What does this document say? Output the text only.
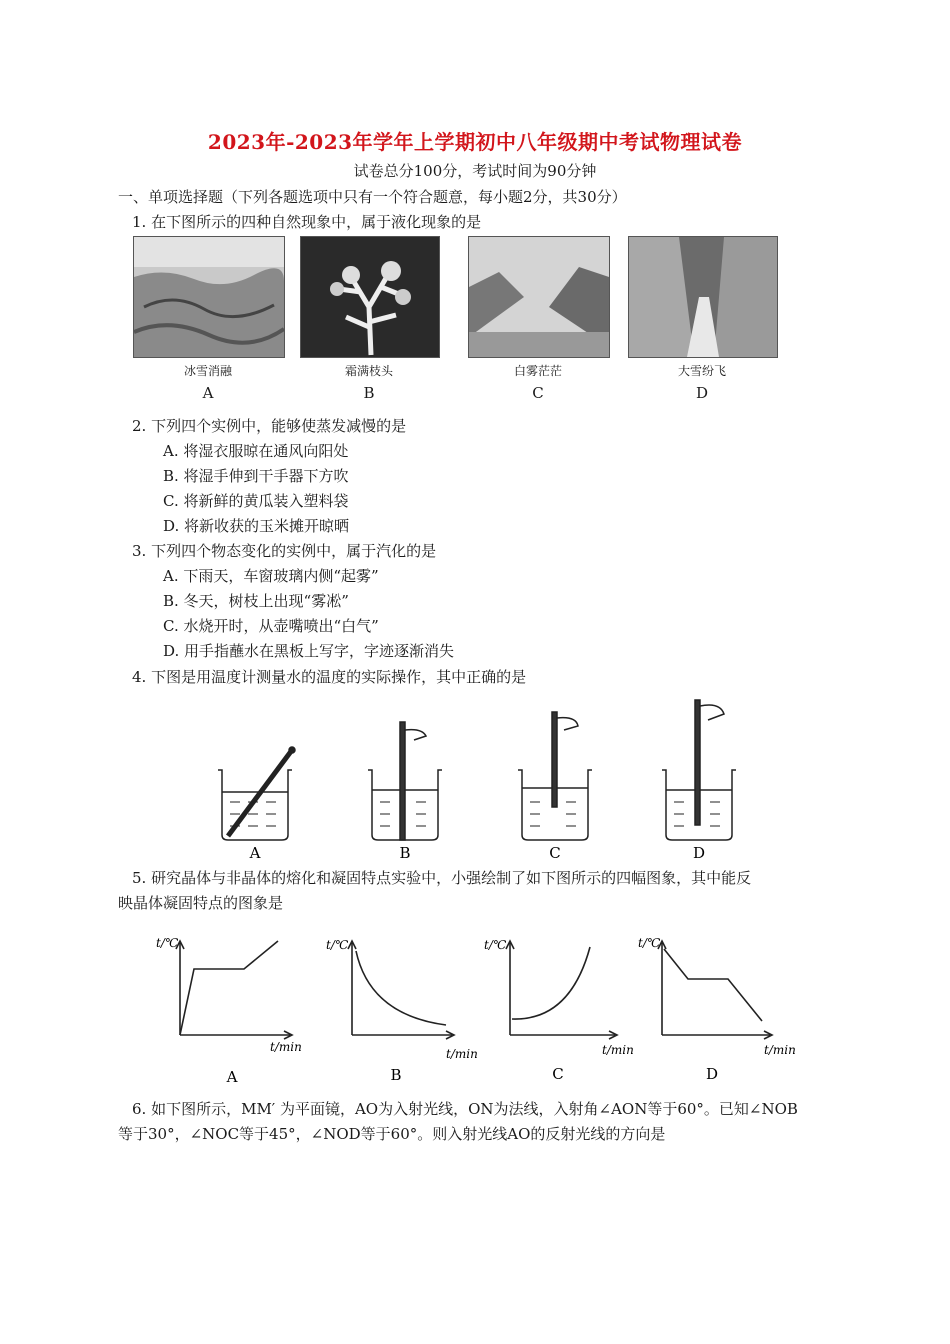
2023年-2023年学年上学期初中八年级期中考试物理试卷
试卷总分100分，考试时间为90分钟
一、单项选择题（下列各题选项中只有一个符合题意，每小题2分，共30分）
1. 在下图所示的四种自然现象中，属于液化现象的是
冰雪消融	霜满枝头	白雾茫茫	大雪纷飞
A	B	C	D
2. 下列四个实例中，能够使蒸发减慢的是
A. 将湿衣服晾在通风向阳处
B. 将湿手伸到干手器下方吹
C. 将新鲜的黄瓜装入塑料袋
D. 将新收获的玉米摊开晾晒
3. 下列四个物态变化的实例中，属于汽化的是
A. 下雨天，车窗玻璃内侧“起雾”
B. 冬天，树枝上出现“雾凇”
C. 水烧开时，从壶嘴喷出“白气”
D. 用手指蘸水在黑板上写字，字迹逐渐消失
4. 下图是用温度计测量水的温度的实际操作，其中正确的是
A	B	C	D
5. 研究晶体与非晶体的熔化和凝固特点实验中，小强绘制了如下图所示的四幅图象，其中能反
映晶体凝固特点的图象是
t/℃	t/℃	t/℃	t/℃
t/min	t/min	t/min	t/min
A	B	C	D
6. 如下图所示，MM′ 为平面镜，AO为入射光线，ON为法线，入射角∠AON等于60°。已知∠NOB
等于30°，∠NOC等于45°，∠NOD等于60°。则入射光线AO的反射光线的方向是
